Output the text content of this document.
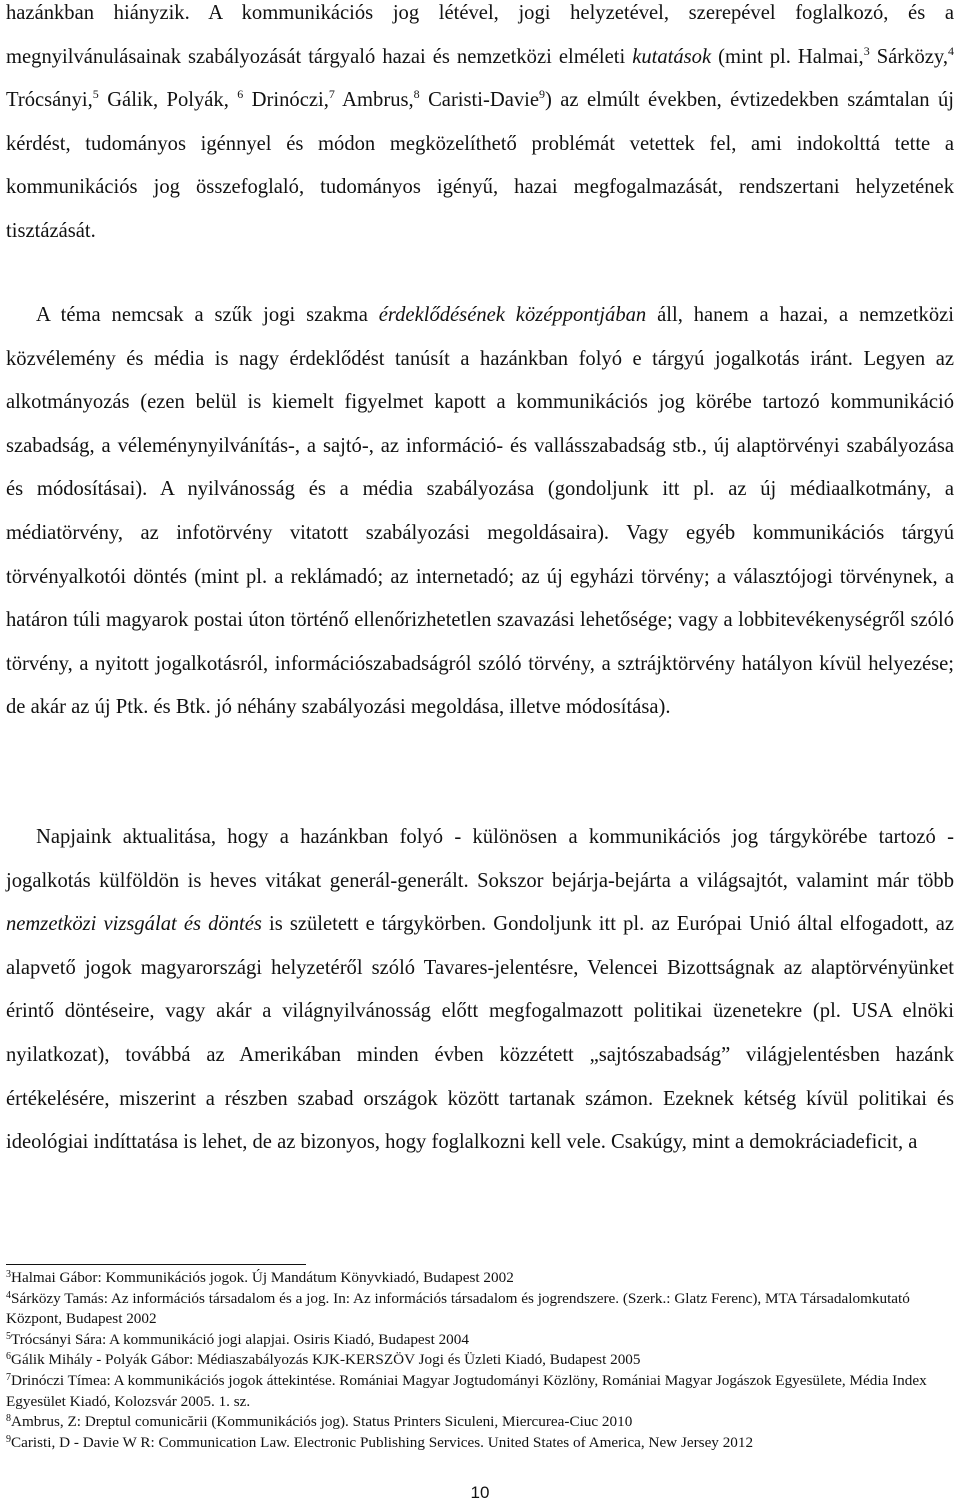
hazánkban hiányzik. A kommunikációs jog létével, jogi helyzetével, szerepével foglalkozó, és a megnyilvánulásainak szabályozását tárgyaló hazai és nemzetközi elméleti kutatások (mint pl. Halmai,$^3$ Sárközy,$^4$ Trócsányi,$^5$ Gálik, Polyák, $^6$ Drinóczi,$^7$ Ambrus,$^8$ Caristi-Davie$^9$) az elmúlt években, évtizedekben számtalan új kérdést, tudományos igénnyel és módon megközelíthető problémát vetettek fel, ami indokolttá tette a kommunikációs jog összefoglaló, tudományos igényű, hazai megfogalmazását, rendszertani helyzetének tisztázását.

A téma nemcsak a szűk jogi szakma érdeklődésének középpontjában áll, hanem a hazai, a nemzetközi közvélemény és média is nagy érdeklődést tanúsít a hazánkban folyó e tárgyú jogalkotás iránt. Legyen az alkotmányozás (ezen belül is kiemelt figyelmet kapott a kommunikációs jog körébe tartozó kommunikáció szabadság, a véleménynyilvánítás-, a sajtó-, az információ- és vallásszabadság stb., új alaptörvényi szabályozása és módosításai). A nyilvánosság és a média szabályozása (gondoljunk itt pl. az új médiaalkotmány, a médiatörvény, az infotörvény vitatott szabályozási megoldásaira). Vagy egyéb kommunikációs tárgyú törvényalkotói döntés (mint pl. a reklámadó; az internetadó; az új egyházi törvény; a választójogi törvénynek, a határon túli magyarok postai úton történő ellenőrizhetetlen szavazási lehetősége; vagy a lobbitevékenységről szóló törvény, a nyitott jogalkotásról, információszabadságról szóló törvény, a sztrájktörvény hatályon kívül helyezése; de akár az új Ptk. és Btk. jó néhány szabályozási megoldása, illetve módosítása).

Napjaink aktualitása, hogy a hazánkban folyó - különösen a kommunikációs jog tárgykörébe tartozó - jogalkotás külföldön is heves vitákat generál-generált. Sokszor bejárja-bejárta a világsajtót, valamint már több nemzetközi vizsgálat és döntés is született e tárgykörben. Gondoljunk itt pl. az Európai Unió által elfogadott, az alapvető jogok magyarországi helyzetéről szóló Tavares-jelentésre, Velencei Bizottságnak az alaptörvényünket érintő döntéseire, vagy akár a világnyilvánosság előtt megfogalmazott politikai üzenetekre (pl. USA elnöki nyilatkozat), továbbá az Amerikában minden évben közzétett „sajtószabadság” világjelentésben hazánk értékelésére, miszerint a részben szabad országok között tartanak számon. Ezeknek kétség kívül politikai és ideológiai indíttatása is lehet, de az bizonyos, hogy foglalkozni kell vele. Csakúgy, mint a demokráciadeficit, a

$^3$Halmai Gábor: Kommunikációs jogok. Új Mandátum Könyvkiadó, Budapest 2002
$^4$Sárközy Tamás: Az információs társadalom és a jog. In: Az információs társadalom és jogrendszere. (Szerk.: Glatz Ferenc), MTA Társadalomkutató Központ, Budapest 2002
$^5$Trócsányi Sára: A kommunikáció jogi alapjai. Osiris Kiadó, Budapest 2004
$^6$Gálik Mihály - Polyák Gábor: Médiaszabályozás KJK-KERSZÖV Jogi és Üzleti Kiadó, Budapest 2005
$^7$Drinóczi Tímea: A kommunikációs jogok áttekintése. Romániai Magyar Jogtudományi Közlöny, Romániai Magyar Jogászok Egyesülete, Média Index Egyesület Kiadó, Kolozsvár 2005. 1. sz.
$^8$Ambrus, Z: Dreptul comunicării (Kommunikációs jog). Status Printers Siculeni, Miercurea-Ciuc 2010
$^9$Caristi, D - Davie W R: Communication Law. Electronic Publishing Services. United States of America, New Jersey 2012
10
